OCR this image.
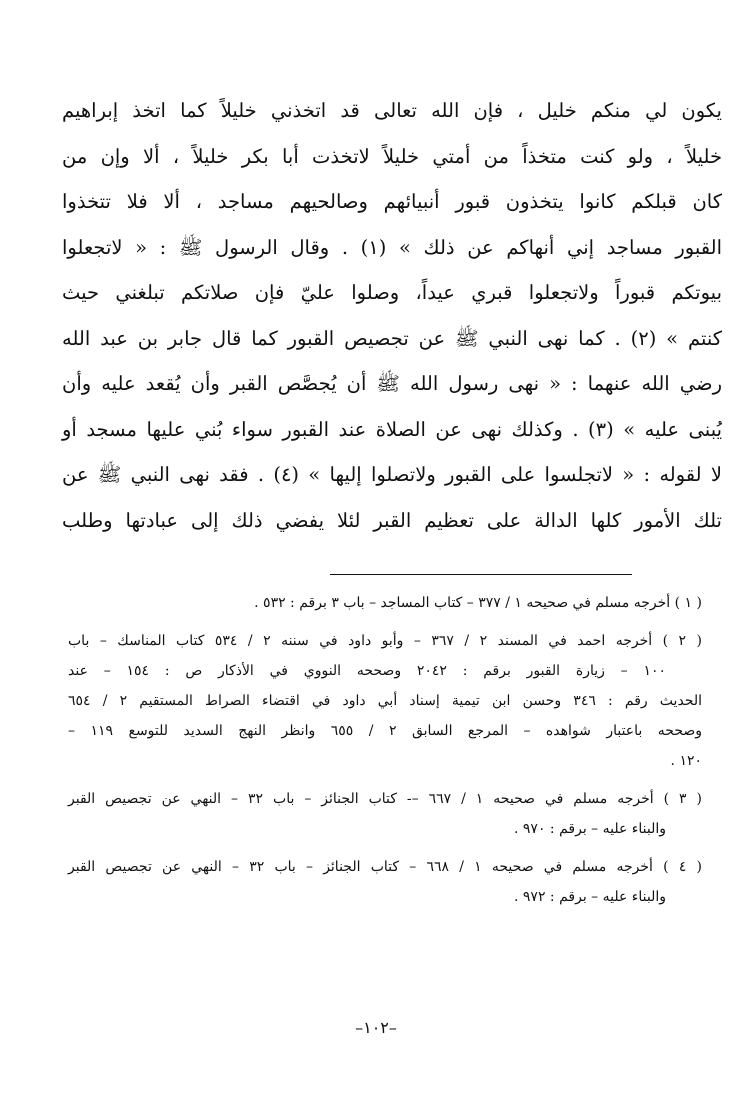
يكون لي منكم خليل ، فإن الله تعالى قد اتخذني خليلاً كما اتخذ إبراهيم
خليلاً ، ولو كنت متخذاً من أمتي خليلاً لاتخذت أبا بكر خليلاً ، ألا وإن من
كان قبلكم كانوا يتخذون قبور أنبيائهم وصالحيهم مساجد ، ألا فلا تتخذوا
القبور مساجد إني أنهاكم عن ذلك » (١) . وقال الرسول ﷺ : « لاتجعلوا
بيوتكم قبوراً ولاتجعلوا قبري عيداً، وصلوا عليّ فإن صلاتكم تبلغني حيث
كنتم » (٢) . كما نهى النبي ﷺ عن تجصيص القبور كما قال جابر بن عبد الله
رضي الله عنهما : « نهى رسول الله ﷺ أن يُجصَّص القبر وأن يُقعد عليه وأن
يُبنى عليه » (٣) . وكذلك نهى عن الصلاة عند القبور سواء بُني عليها مسجد أو
لا لقوله : « لاتجلسوا على القبور ولاتصلوا إليها » (٤) . فقد نهى النبي ﷺ عن
تلك الأمور كلها الدالة على تعظيم القبر لئلا يفضي ذلك إلى عبادتها وطلب
( ١ ) أخرجه مسلم في صحيحه ١ / ٣٧٧ – كتاب المساجد – باب ٣ برقم : ٥٣٢ .
( ٢ ) أخرجه احمد في المسند ٢ / ٣٦٧ – وأبو داود في سننه ٢ / ٥٣٤ كتاب المناسك – باب
١٠٠ – زيارة القبور برقم : ٢٠٤٢ وصححه النووي في الأذكار ص : ١٥٤ – عند
الحديث رقم : ٣٤٦ وحسن ابن تيمية إسناد أبي داود في اقتضاء الصراط المستقيم ٢ / ٦٥٤
وصححه باعتبار شواهده – المرجع السابق ٢ / ٦٥٥ وانظر النهج السديد للتوسع ١١٩ –
١٢٠ .
( ٣ ) أخرجه مسلم في صحيحه ١ / ٦٦٧ –- كتاب الجنائز – باب ٣٢ – النهي عن تجصيص القبر
والبناء عليه – برقم : ٩٧٠ .
( ٤ ) أخرجه مسلم في صحيحه ١ / ٦٦٨ – كتاب الجنائز – باب ٣٢ – النهي عن تجصيص القبر
والبناء عليه – برقم : ٩٧٢ .
–١٠٢–
